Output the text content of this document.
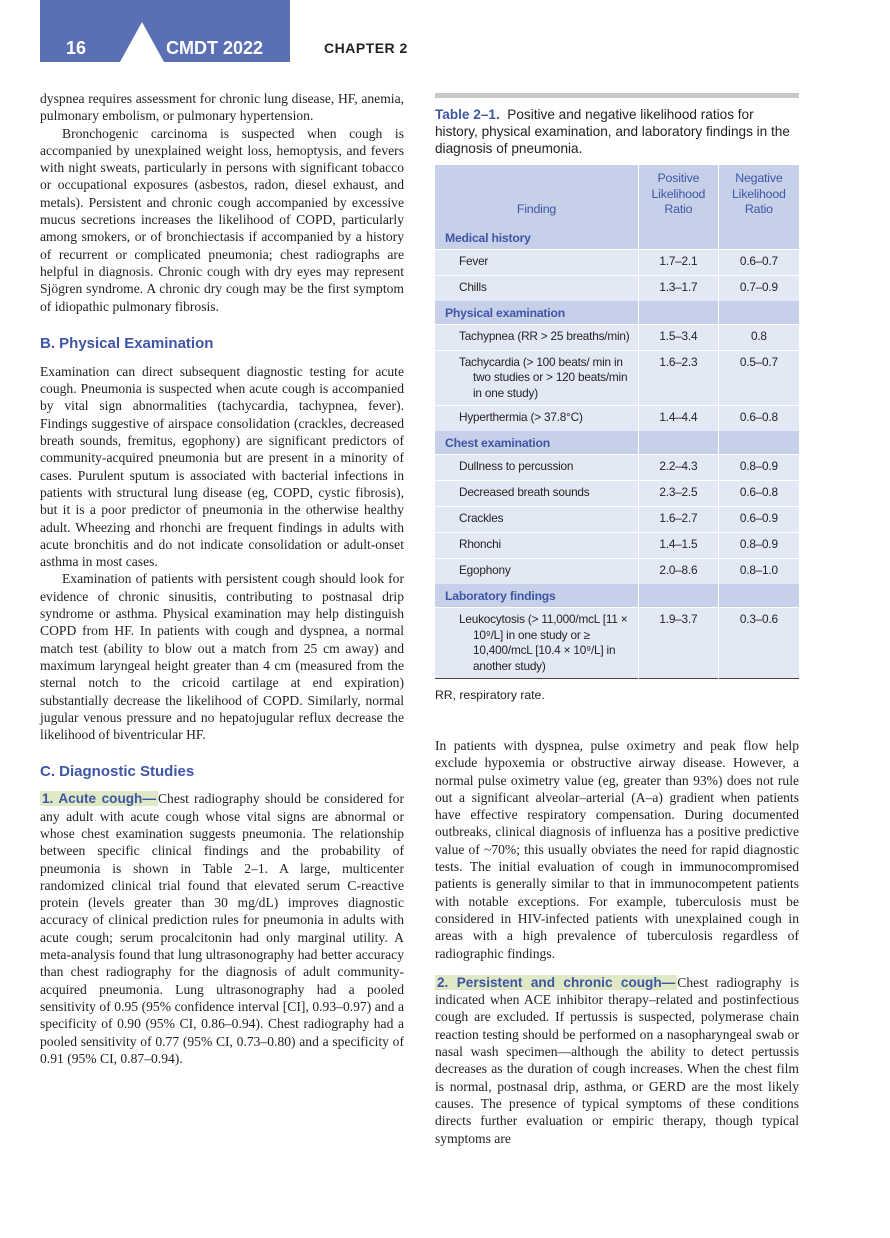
16	CMDT 2022	CHAPTER 2

dyspnea requires assessment for chronic lung disease, HF, anemia, pulmonary embolism, or pulmonary hypertension.

Bronchogenic carcinoma is suspected when cough is accompanied by unexplained weight loss, hemoptysis, and fevers with night sweats, particularly in persons with significant tobacco or occupational exposures (asbestos, radon, diesel exhaust, and metals). Persistent and chronic cough accompanied by excessive mucus secretions increases the likelihood of COPD, particularly among smokers, or of bronchiectasis if accompanied by a history of recurrent or complicated pneumonia; chest radiographs are helpful in diagnosis. Chronic cough with dry eyes may represent Sjögren syndrome. A chronic dry cough may be the first symptom of idiopathic pulmonary fibrosis.

B. Physical Examination

Examination can direct subsequent diagnostic testing for acute cough. Pneumonia is suspected when acute cough is accompanied by vital sign abnormalities (tachycardia, tachypnea, fever). Findings suggestive of airspace consolidation (crackles, decreased breath sounds, fremitus, egophony) are significant predictors of community-acquired pneumonia but are present in a minority of cases. Purulent sputum is associated with bacterial infections in patients with structural lung disease (eg, COPD, cystic fibrosis), but it is a poor predictor of pneumonia in the otherwise healthy adult. Wheezing and rhonchi are frequent findings in adults with acute bronchitis and do not indicate consolidation or adult-onset asthma in most cases.

Examination of patients with persistent cough should look for evidence of chronic sinusitis, contributing to postnasal drip syndrome or asthma. Physical examination may help distinguish COPD from HF. In patients with cough and dyspnea, a normal match test (ability to blow out a match from 25 cm away) and maximum laryngeal height greater than 4 cm (measured from the sternal notch to the cricoid cartilage at end expiration) substantially decrease the likelihood of COPD. Similarly, normal jugular venous pressure and no hepatojugular reflux decrease the likelihood of biventricular HF.

C. Diagnostic Studies

1. Acute cough— Chest radiography should be considered for any adult with acute cough whose vital signs are abnormal or whose chest examination suggests pneumonia. The relationship between specific clinical findings and the probability of pneumonia is shown in Table 2–1. A large, multicenter randomized clinical trial found that elevated serum C-reactive protein (levels greater than 30 mg/dL) improves diagnostic accuracy of clinical prediction rules for pneumonia in adults with acute cough; serum procalcitonin had only marginal utility. A meta-analysis found that lung ultrasonography had better accuracy than chest radiography for the diagnosis of adult community-acquired pneumonia. Lung ultrasonography had a pooled sensitivity of 0.95 (95% confidence interval [CI], 0.93–0.97) and a specificity of 0.90 (95% CI, 0.86–0.94). Chest radiography had a pooled sensitivity of 0.77 (95% CI, 0.73–0.80) and a specificity of 0.91 (95% CI, 0.87–0.94).

Table 2–1. Positive and negative likelihood ratios for history, physical examination, and laboratory findings in the diagnosis of pneumonia.
Finding	Positive Likelihood Ratio	Negative Likelihood Ratio
Medical history		

Fever	1.7–2.1	0.6–0.7

Chills	1.3–1.7	0.7–0.9
Physical examination		

Tachypnea (RR > 25 breaths/min)	1.5–3.4	0.8

Tachycardia (> 100 beats/ min in two studies or > 120 beats/min in one study)	1.6–2.3	0.5–0.7

Hyperthermia (> 37.8°C)	1.4–4.4	0.6–0.8
Chest examination		

Dullness to percussion	2.2–4.3	0.8–0.9

Decreased breath sounds	2.3–2.5	0.6–0.8

Crackles	1.6–2.7	0.6–0.9

Rhonchi	1.4–1.5	0.8–0.9

Egophony	2.0–8.6	0.8–1.0
Laboratory findings		

Leukocytosis (> 11,000/mcL [11 × 10⁹/L] in one study or ≥ 10,400/mcL [10.4 × 10⁹/L] in another study)	1.9–3.7	0.3–0.6
RR, respiratory rate.

In patients with dyspnea, pulse oximetry and peak flow help exclude hypoxemia or obstructive airway disease. However, a normal pulse oximetry value (eg, greater than 93%) does not rule out a significant alveolar–arterial (A–a) gradient when patients have effective respiratory compensation. During documented outbreaks, clinical diagnosis of influenza has a positive predictive value of ~70%; this usually obviates the need for rapid diagnostic tests. The initial evaluation of cough in immunocompromised patients is generally similar to that in immunocompetent patients with notable exceptions. For example, tuberculosis must be considered in HIV-infected patients with unexplained cough in areas with a high prevalence of tuberculosis regardless of radiographic findings.

2. Persistent and chronic cough— Chest radiography is indicated when ACE inhibitor therapy–related and postinfectious cough are excluded. If pertussis is suspected, polymerase chain reaction testing should be performed on a nasopharyngeal swab or nasal wash specimen—although the ability to detect pertussis decreases as the duration of cough increases. When the chest film is normal, postnasal drip, asthma, or GERD are the most likely causes. The presence of typical symptoms of these conditions directs further evaluation or empiric therapy, though typical symptoms are
